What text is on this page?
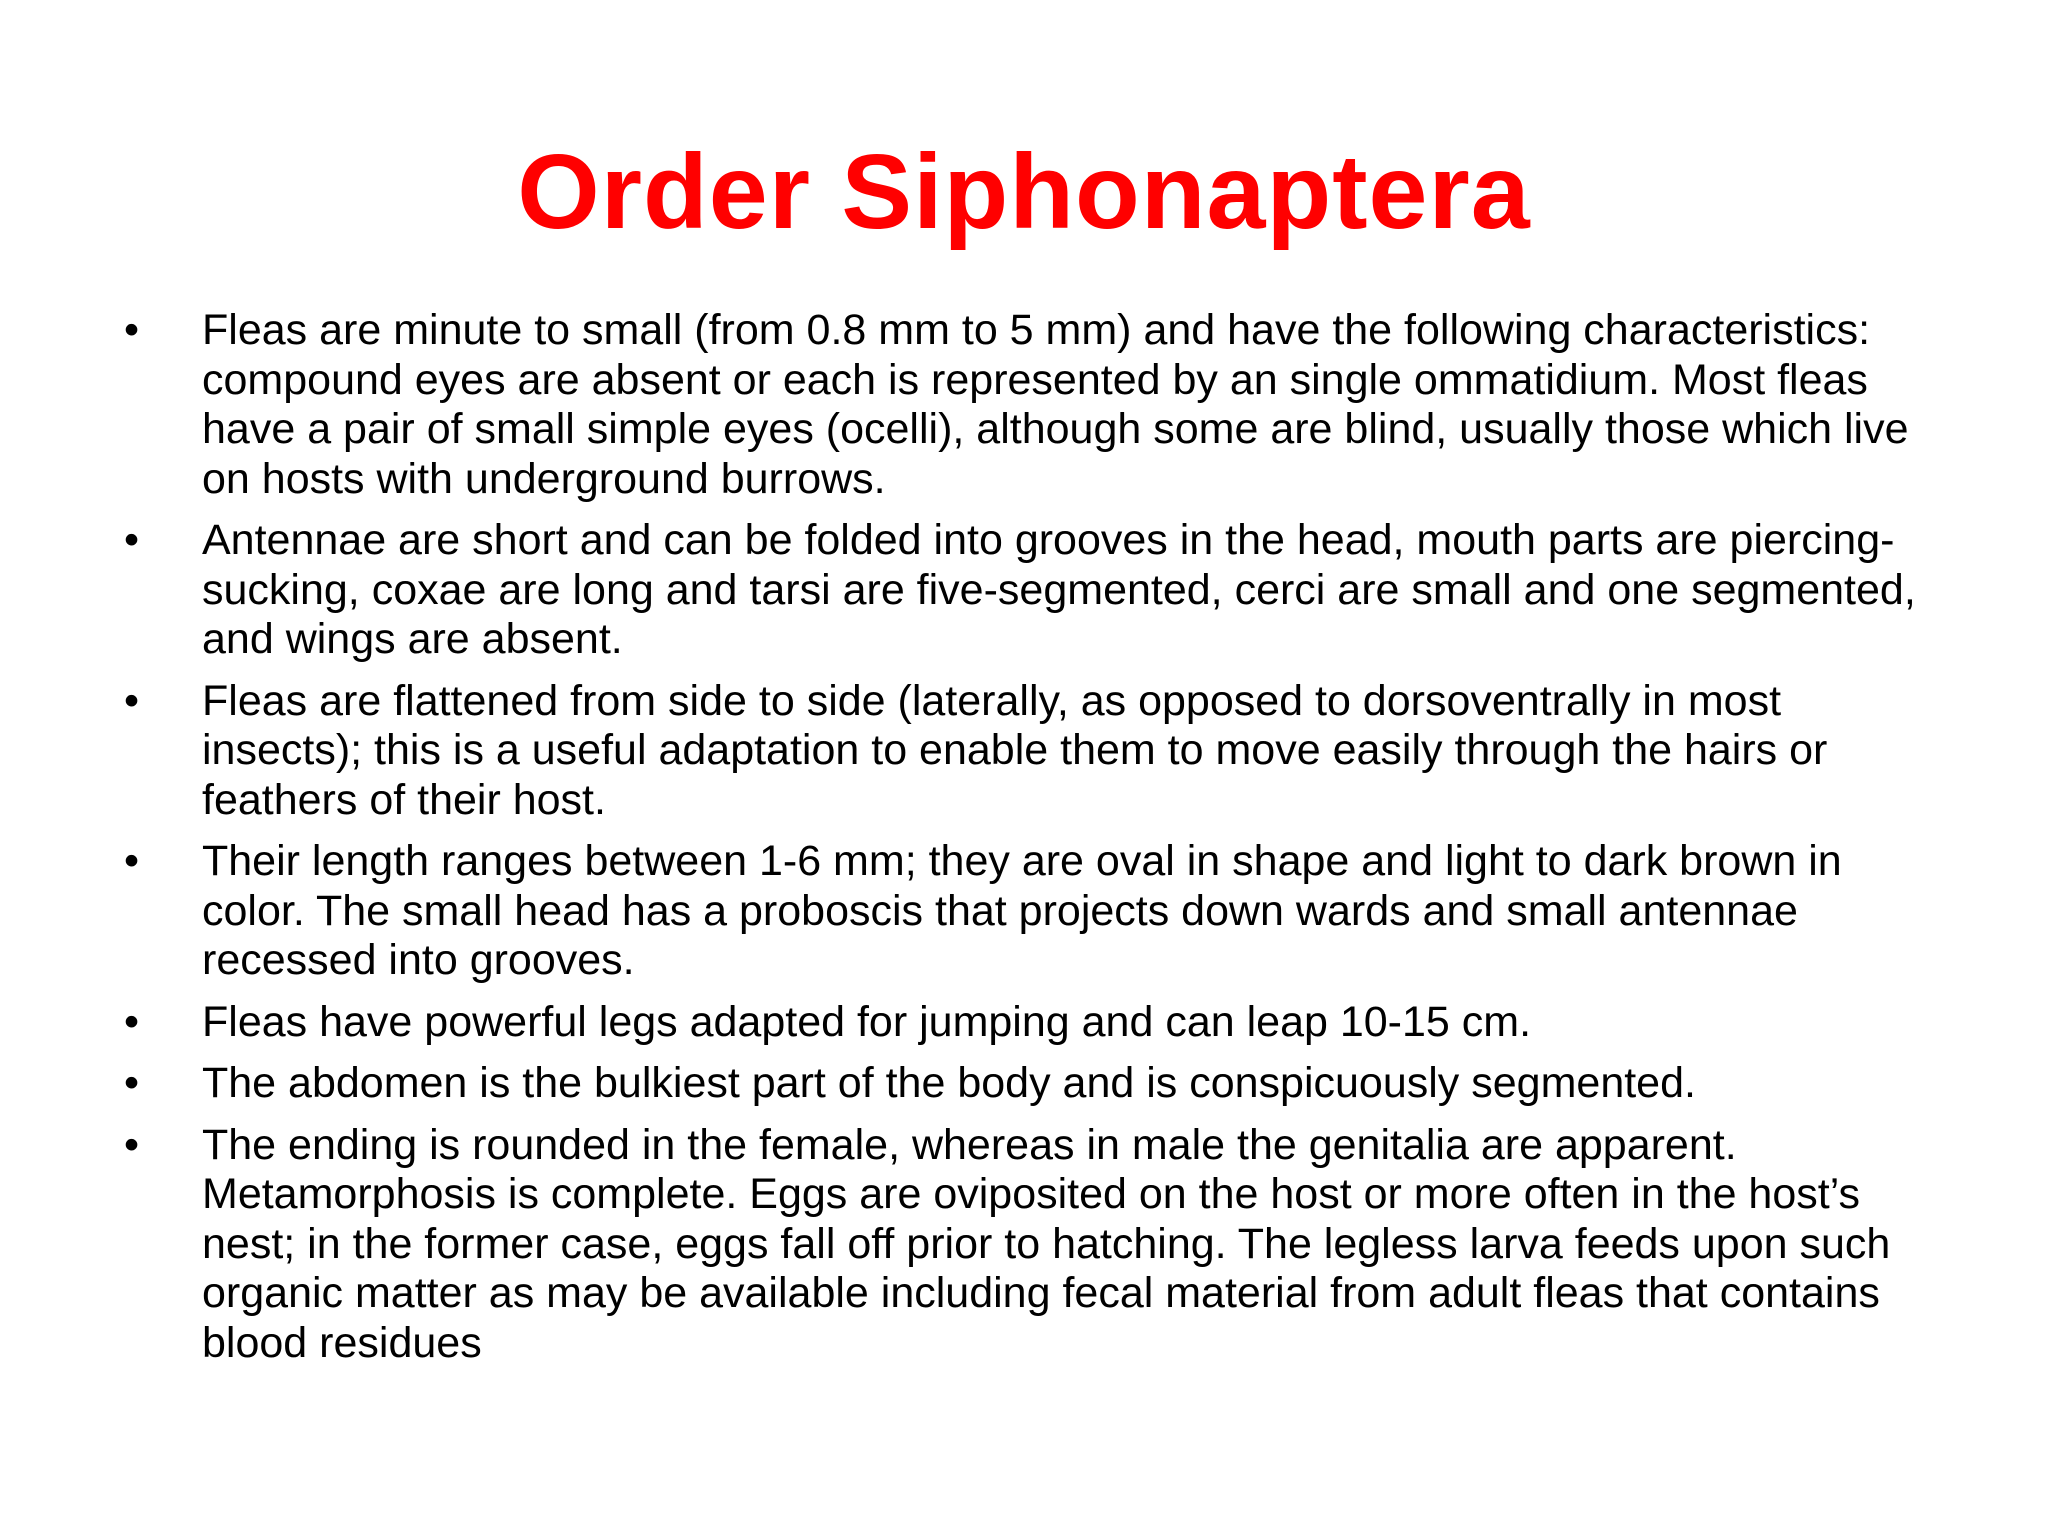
Order Siphonaptera
•	Fleas are minute to small (from 0.8 mm to 5 mm) and have the following characteristics: compound eyes are absent or each is represented by an single ommatidium. Most fleas have a pair of small simple eyes (ocelli), although some are blind, usually those which live on hosts with underground burrows.
•	Antennae are short and can be folded into grooves in the head, mouth parts are piercing-sucking, coxae are long and tarsi are five-segmented, cerci are small and one segmented, and wings are absent.
•	Fleas are flattened from side to side (laterally, as opposed to dorsoventrally in most insects); this is a useful adaptation to enable them to move easily through the hairs or feathers of their host.
•	Their length ranges between 1-6 mm; they are oval in shape and light to dark brown in color. The small head has a proboscis that projects down wards and small antennae recessed into grooves.
•	Fleas have powerful legs adapted for jumping and can leap 10-15 cm.
•	The abdomen is the bulkiest part of the body and is conspicuously segmented.
•	The ending is rounded in the female, whereas in male the genitalia are apparent. Metamorphosis is complete. Eggs are oviposited on the host or more often in the host’s nest; in the former case, eggs fall off prior to hatching. The legless larva feeds upon such organic matter as may be available including fecal material from adult fleas that contains blood residues
